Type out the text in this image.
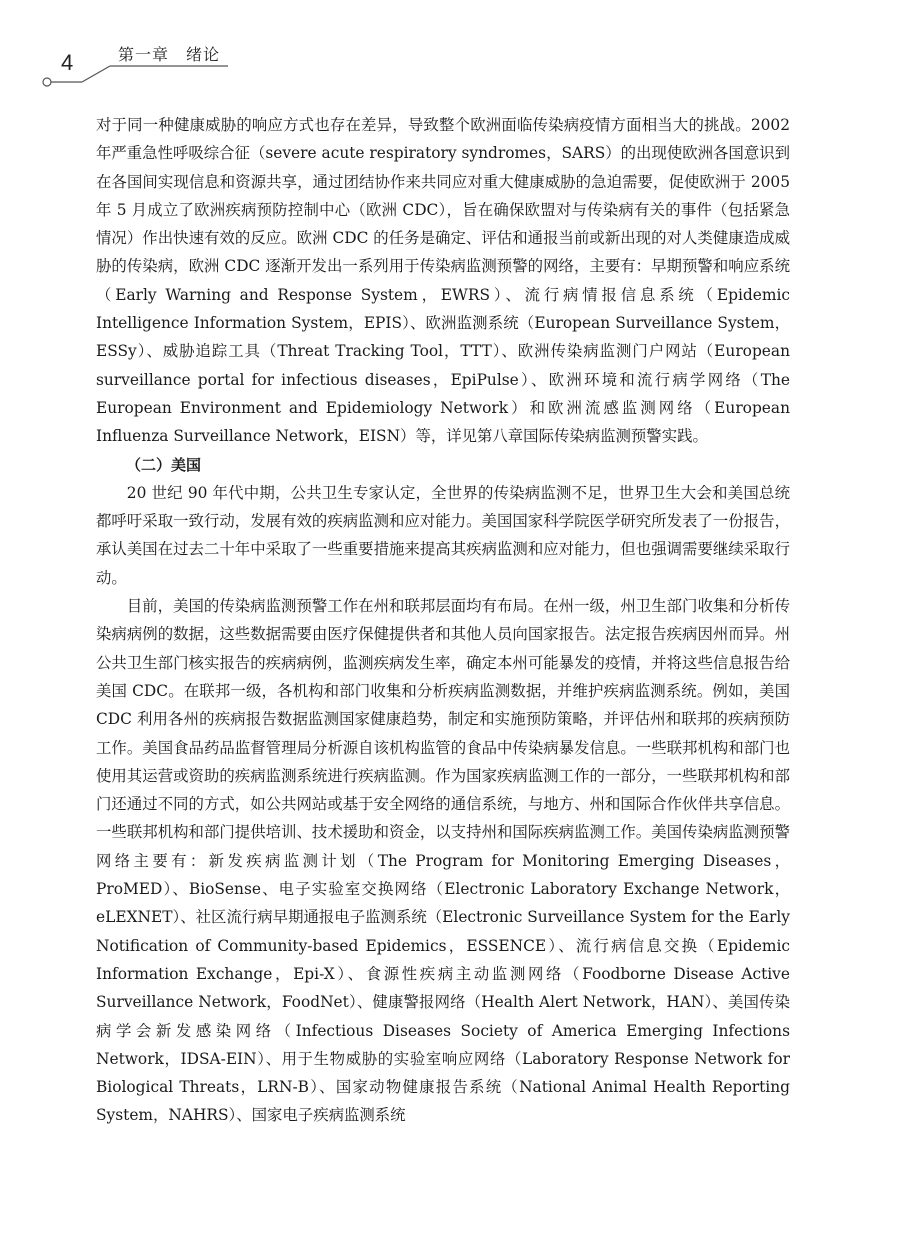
4	第一章　绪论

对于同一种健康威胁的响应方式也存在差异，导致整个欧洲面临传染病疫情方面相当大的挑战。2002 年严重急性呼吸综合征（severe acute respiratory syndromes，SARS）的出现使欧洲各国意识到在各国间实现信息和资源共享，通过团结协作来共同应对重大健康威胁的急迫需要，促使欧洲于 2005 年 5 月成立了欧洲疾病预防控制中心（欧洲 CDC），旨在确保欧盟对与传染病有关的事件（包括紧急情况）作出快速有效的反应。欧洲 CDC 的任务是确定、评估和通报当前或新出现的对人类健康造成威胁的传染病，欧洲 CDC 逐渐开发出一系列用于传染病监测预警的网络，主要有：早期预警和响应系统（Early Warning and Response System，EWRS）、流行病情报信息系统（Epidemic Intelligence Information System，EPIS）、欧洲监测系统（European Surveillance System，ESSy）、威胁追踪工具（Threat Tracking Tool，TTT）、欧洲传染病监测门户网站（European surveillance portal for infectious diseases，EpiPulse）、欧洲环境和流行病学网络（The European Environment and Epidemiology Network）和欧洲流感监测网络（European Influenza Surveillance Network，EISN）等，详见第八章国际传染病监测预警实践。

（二）美国

20 世纪 90 年代中期，公共卫生专家认定，全世界的传染病监测不足，世界卫生大会和美国总统都呼吁采取一致行动，发展有效的疾病监测和应对能力。美国国家科学院医学研究所发表了一份报告，承认美国在过去二十年中采取了一些重要措施来提高其疾病监测和应对能力，但也强调需要继续采取行动。

目前，美国的传染病监测预警工作在州和联邦层面均有布局。在州一级，州卫生部门收集和分析传染病病例的数据，这些数据需要由医疗保健提供者和其他人员向国家报告。法定报告疾病因州而异。州公共卫生部门核实报告的疾病病例，监测疾病发生率，确定本州可能暴发的疫情，并将这些信息报告给美国 CDC。在联邦一级，各机构和部门收集和分析疾病监测数据，并维护疾病监测系统。例如，美国 CDC 利用各州的疾病报告数据监测国家健康趋势，制定和实施预防策略，并评估州和联邦的疾病预防工作。美国食品药品监督管理局分析源自该机构监管的食品中传染病暴发信息。一些联邦机构和部门也使用其运营或资助的疾病监测系统进行疾病监测。作为国家疾病监测工作的一部分，一些联邦机构和部门还通过不同的方式，如公共网站或基于安全网络的通信系统，与地方、州和国际合作伙伴共享信息。一些联邦机构和部门提供培训、技术援助和资金，以支持州和国际疾病监测工作。美国传染病监测预警网络主要有：新发疾病监测计划（The Program for Monitoring Emerging Diseases，ProMED）、BioSense、电子实验室交换网络（Electronic Laboratory Exchange Network，eLEXNET）、社区流行病早期通报电子监测系统（Electronic Surveillance System for the Early Notification of Community-based Epidemics，ESSENCE）、流行病信息交换（Epidemic Information Exchange，Epi-X）、食源性疾病主动监测网络（Foodborne Disease Active Surveillance Network，FoodNet）、健康警报网络（Health Alert Network，HAN）、美国传染病学会新发感染网络（Infectious Diseases Society of America Emerging Infections Network，IDSA-EIN）、用于生物威胁的实验室响应网络（Laboratory Response Network for Biological Threats，LRN-B）、国家动物健康报告系统（National Animal Health Reporting System，NAHRS）、国家电子疾病监测系统
